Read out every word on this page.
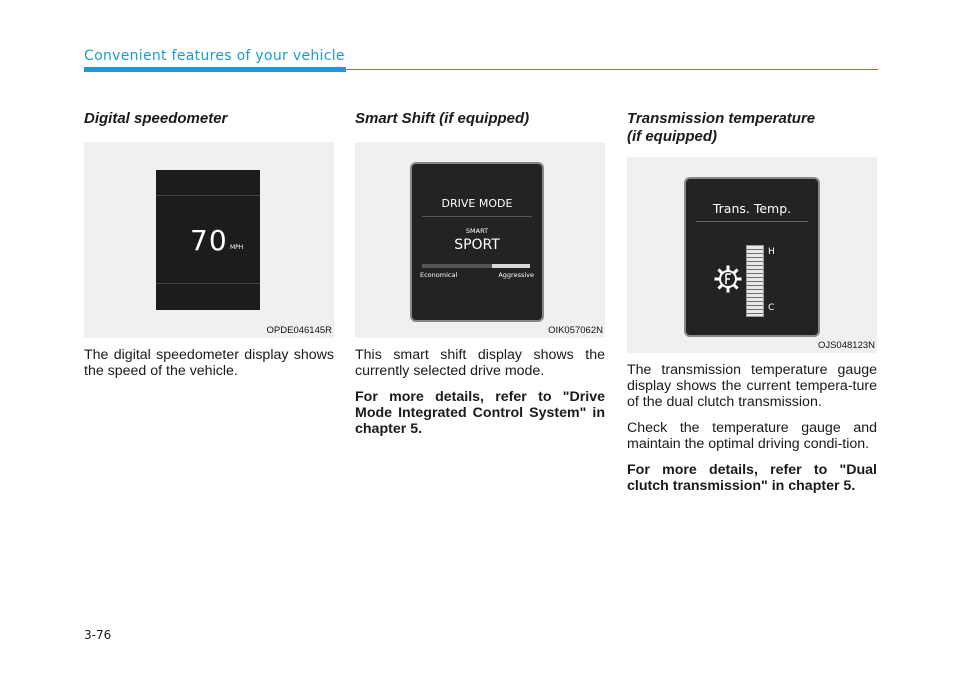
Convenient features of your vehicle
Digital speedometer
70 MPH
OPDE046145R

The digital speedometer display shows the speed of the vehicle.

Smart Shift (if equipped)
DRIVE MODE
SMART
SPORT
Economical	Aggressive
OIK057062N

This smart shift display shows the currently selected drive mode.

For more details, refer to "Drive Mode Integrated Control System" in chapter 5.

Transmission temperature
(if equipped)
Trans. Temp.
H
C
OJS048123N

The transmission temperature gauge display shows the current tempera-ture of the dual clutch transmission.

Check the temperature gauge and maintain the optimal driving condi-tion.

For more details, refer to "Dual clutch transmission" in chapter 5.

3-76
